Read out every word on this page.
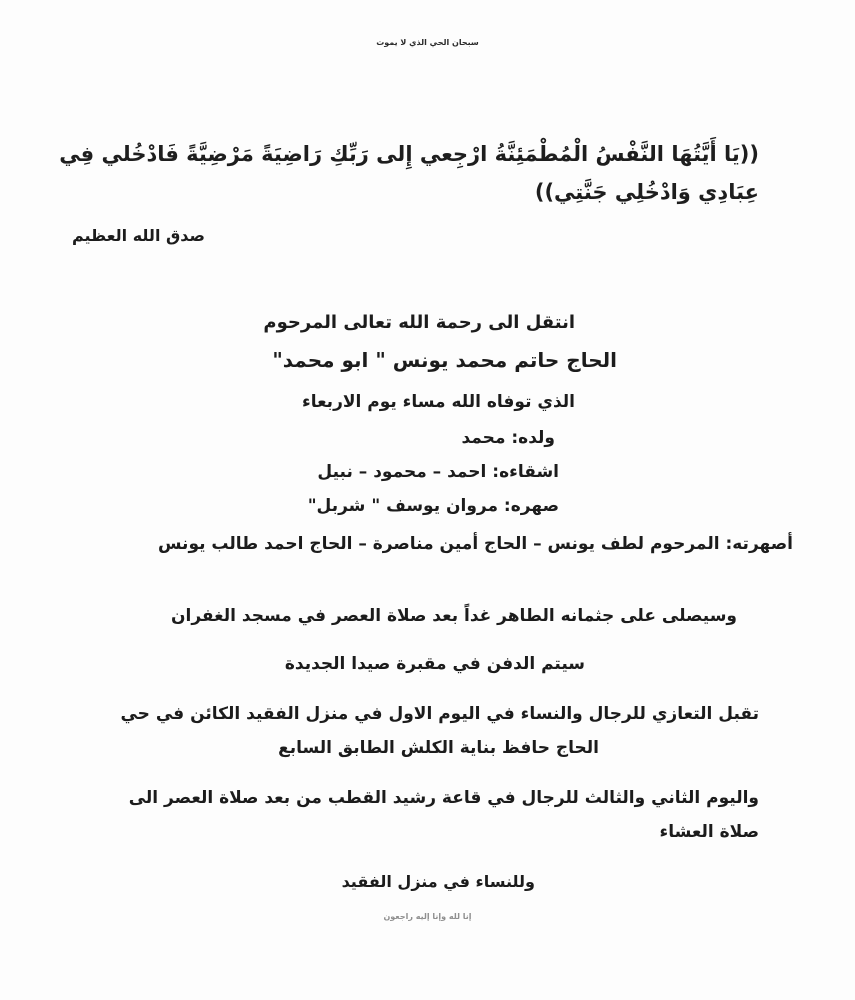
سبحان الحي الذي لا يموت
((يَا أَيَّتُهَا النَّفْسُ الْمُطْمَئِنَّةُ ارْجِعي إِلى رَبِّكِ رَاضِيَةً مَرْضِيَّةً فَادْخُلي فِي
عِبَادِي وَادْخُلِي جَنَّتِي))
صدق الله العظيم
انتقل الى رحمة الله تعالى المرحوم
الحاج حاتم محمد يونس " ابو محمد"
الذي توفاه الله مساء يوم الاربعاء
ولده: محمد
اشقاءه: احمد – محمود – نبيل
صهره: مروان يوسف " شربل"
أصهرته: المرحوم لطف يونس – الحاج أمين مناصرة – الحاج احمد طالب يونس
وسيصلى على جثمانه الطاهر غداً بعد صلاة العصر في مسجد الغفران
سيتم الدفن في مقبرة صيدا الجديدة
تقبل التعازي للرجال والنساء في اليوم الاول في منزل الفقيد الكائن في حي
الحاج حافظ بناية الكلش الطابق السابع
واليوم الثاني والثالث للرجال في قاعة رشيد القطب من بعد صلاة العصر الى
صلاة العشاء
وللنساء في منزل الفقيد
إنا لله وإنا إليه راجعون
